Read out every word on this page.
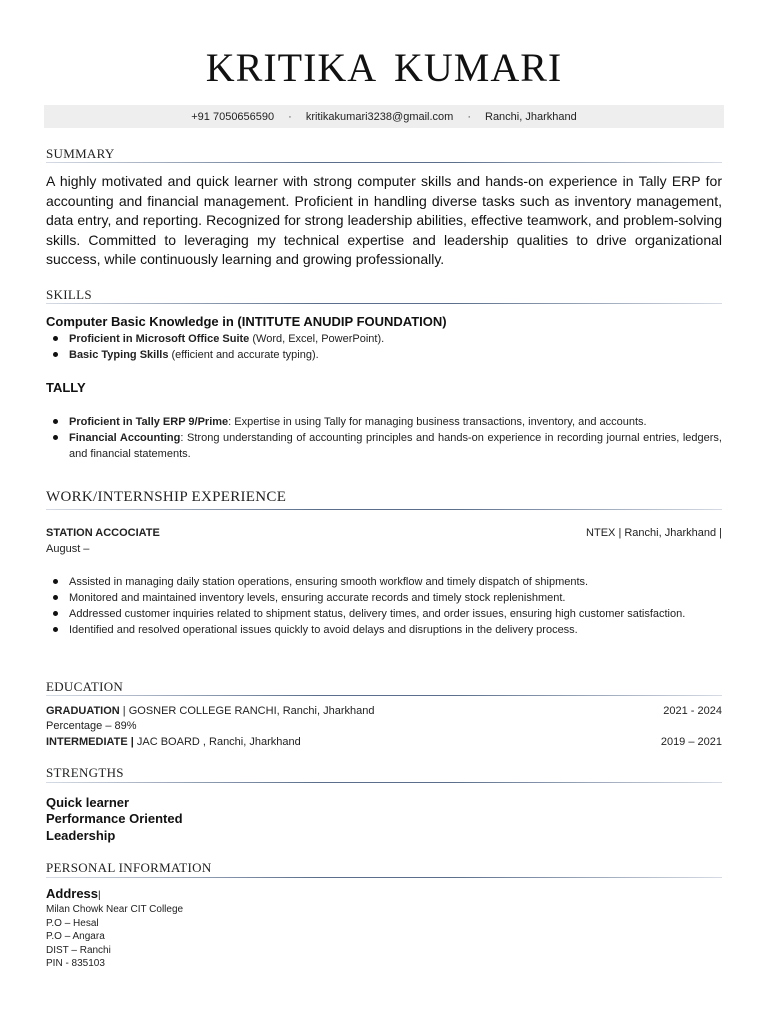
KRITIKA KUMARI
+91 7050656590 · kritikakumari3238@gmail.com · Ranchi, Jharkhand
SUMMARY
A highly motivated and quick learner with strong computer skills and hands-on experience in Tally ERP for accounting and financial management. Proficient in handling diverse tasks such as inventory management, data entry, and reporting. Recognized for strong leadership abilities, effective teamwork, and problem-solving skills. Committed to leveraging my technical expertise and leadership qualities to drive organizational success, while continuously learning and growing professionally.
SKILLS
Computer Basic Knowledge in (INTITUTE ANUDIP FOUNDATION)
Proficient in Microsoft Office Suite (Word, Excel, PowerPoint).
Basic Typing Skills (efficient and accurate typing).
TALLY
Proficient in Tally ERP 9/Prime: Expertise in using Tally for managing business transactions, inventory, and accounts.
Financial Accounting: Strong understanding of accounting principles and hands-on experience in recording journal entries, ledgers, and financial statements.
WORK/INTERNSHIP EXPERIENCE
STATION ACCOCIATE	NTEX | Ranchi, Jharkhand |
August –
Assisted in managing daily station operations, ensuring smooth workflow and timely dispatch of shipments.
Monitored and maintained inventory levels, ensuring accurate records and timely stock replenishment.
Addressed customer inquiries related to shipment status, delivery times, and order issues, ensuring high customer satisfaction.
Identified and resolved operational issues quickly to avoid delays and disruptions in the delivery process.
EDUCATION
GRADUATION | GOSNER COLLEGE RANCHI, Ranchi, Jharkhand	2021 - 2024
Percentage – 89%
INTERMEDIATE | JAC BOARD , Ranchi, Jharkhand	2019 – 2021
STRENGTHS
Quick learner
Performance Oriented
Leadership
PERSONAL INFORMATION
Address|
Milan Chowk Near CIT College
P.O – Hesal
P.O – Angara
DIST – Ranchi
PIN - 835103
